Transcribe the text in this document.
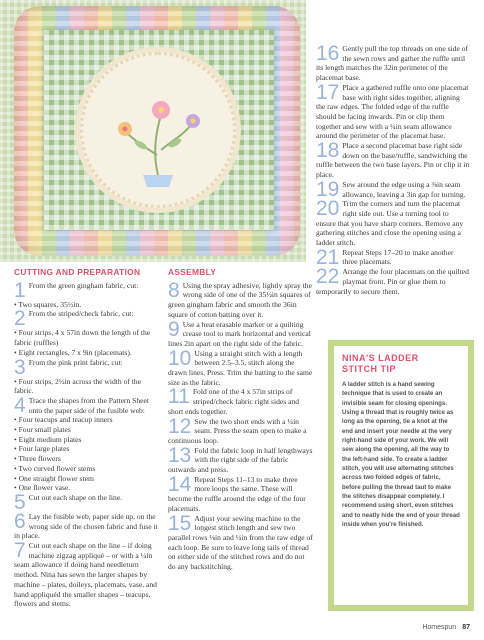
CUTTING AND PREPARATION

1 From the green gingham fabric, cut:

• Two squares, 35½in.

2 From the striped/check fabric, cut:

• Four strips, 4 x 57in down the length of the fabric (ruffles)

• Eight rectangles, 7 x 9in (placemats).

3 From the pink print fabric, cut:

• Four strips, 2½in across the width of the fabric.

4 Trace the shapes from the Pattern Sheet onto the paper side of the fusible web:

• Four teacups and teacup inners

• Four small plates

• Eight medium plates

• Four large plates

• Three flowers

• Two curved flower stems

• One straight flower stem

• One flower vase.

5 Cut out each shape on the line.

6 Lay the fusible web, paper side up, on the wrong side of the chosen fabric and fuse it in place.

7 Cut out each shape on the line – if doing machine zigzag appliqué – or with a ¼in seam allowance if doing hand needleturn method. Nina has sewn the larger shapes by machine – plates, doileys, placemats, vase, and hand appliquéd the smaller shapes – teacups, flowers and stems.

ASSEMBLY

8 Using the spray adhesive, lightly spray the wrong side of one of the 35½in squares of green gingham fabric and smooth the 36in square of cotton batting over it.

9 Use a heat erasable marker or a quilting crease tool to mark horizontal and vertical lines 2in apart on the right side of the fabric.

10 Using a straight stitch with a length between 2.5–3.5, stitch along the drawn lines. Press. Trim the batting to the same size as the fabric.

11 Fold one of the 4 x 57in strips of striped/check fabric right sides and short ends together.

12 Sew the two short ends with a ¼in seam. Press the seam open to make a continuous loop.

13 Fold the fabric loop in half lengthways with the right side of the fabric outwards and press.

14 Repeat Steps 11–13 to make three more loops the same. These will become the ruffle around the edge of the four placemats.

15 Adjust your sewing machine to the longest stitch length and sew two parallel rows ⅛in and ¼in from the raw edge of each loop. Be sure to leave long tails of thread on either side of the stitched rows and do not do any backstitching.

16 Gently pull the top threads on one side of the sewn rows and gather the ruffle until its length matches the 32in perimeter of the placemat base.

17 Place a gathered ruffle onto one placemat base with right sides together, aligning the raw edges. The folded edge of the ruffle should be facing inwards. Pin or clip them together and sew with a ¼in seam allowance around the perimeter of the placemat base.

18 Place a second placemat base right side down on the base/ruffle, sandwiching the ruffle between the two base layers. Pin or clip it in place.

19 Sew around the edge using a ⅜in seam allowance, leaving a 3in gap for turning.

20 Trim the corners and turn the placemat right side out. Use a turning tool to ensure that you have sharp corners. Remove any gathering stitches and close the opening using a ladder stitch.

21 Repeat Steps 17–20 to make another three placemats.

22 Arrange the four placemats on the quilted playmat front. Pin or glue them to temporarily to secure them.

NINA'S LADDER
STITCH TIP
A ladder stitch is a hand sewing technique that is used to create an invisible seam for closing openings. Using a thread that is roughly twice as long as the opening, tie a knot at the end and insert your needle at the very right-hand side of your work. We will sew along the opening, all the way to the left-hand side. To create a ladder stitch, you will use alternating stitches across two folded edges of fabric, before pulling the thread taut to make the stitches disappear completely. I recommend using short, even stitches and to neatly hide the end of your thread inside when you're finished.
Homespun 87
